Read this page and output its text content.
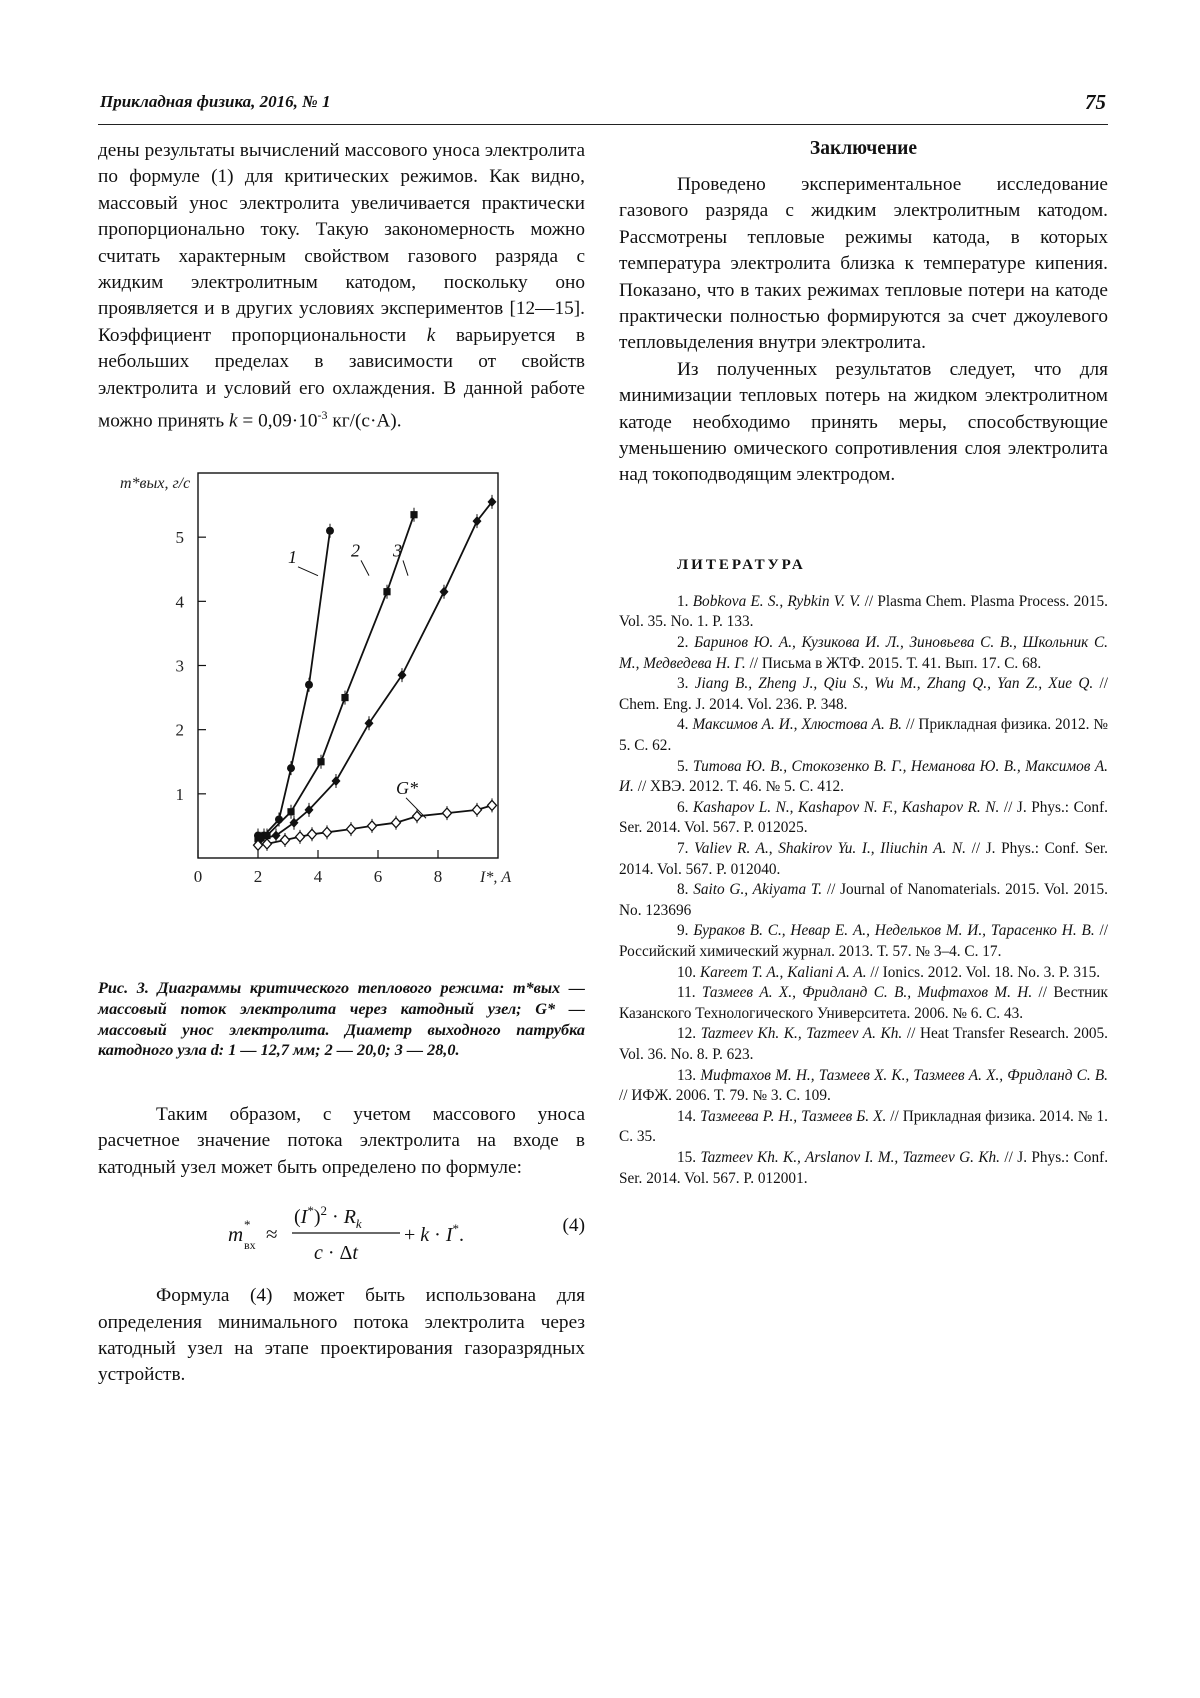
Прикладная физика, 2016, № 1	75

дены результаты вычислений массового уноса электролита по формуле (1) для критических режимов. Как видно, массовый унос электролита увеличивается практически пропорционально току. Такую закономерность можно считать характерным свойством газового разряда с жидким электролитным катодом, поскольку оно проявляется и в других условиях экспериментов [12—15]. Коэффициент пропорциональности k варьируется в небольших пределах в зависимости от свойств электролита и условий его охлаждения. В данной работе можно принять $k = 0,09\cdot 10^{-3}$ кг/(с·А).

1
2
3
4
5
0	2	4	6	8
m*вых, г/с
I*, А
1	2 3
G*

Рис. 3. Диаграммы критического теплового режима: m*вых — массовый поток электролита через катодный узел; G* — массовый унос электролита. Диаметр выходного патрубка катодного узла d: 1 — 12,7 мм; 2 — 20,0; 3 — 28,0.

Таким образом, с учетом массового уноса расчетное значение потока электролита на входе в катодный узел может быть определено по формуле:

m *
вх ≈
$(I^*)^2 \cdot R_k$
c · Δt
+ k · I*.	(4)

Формула (4) может быть использована для определения минимального потока электролита через катодный узел на этапе проектирования газоразрядных устройств.

Заключение

Проведено экспериментальное исследование газового разряда с жидким электролитным катодом. Рассмотрены тепловые режимы катода, в которых температура электролита близка к температуре кипения. Показано, что в таких режимах тепловые потери на катоде практически полностью формируются за счет джоулевого тепловыделения внутри электролита.

Из полученных результатов следует, что для минимизации тепловых потерь на жидком электролитном катоде необходимо принять меры, способствующие уменьшению омического сопротивления слоя электролита над токоподводящим электродом.

ЛИТЕРАТУРА

1. Bobkova E. S., Rybkin V. V. // Plasma Chem. Plasma Process. 2015. Vol. 35. No. 1. P. 133.

2. Баринов Ю. А., Кузикова И. Л., Зиновьева С. В., Школьник С. М., Медведева Н. Г. // Письма в ЖТФ. 2015. Т. 41. Вып. 17. С. 68.

3. Jiang B., Zheng J., Qiu S., Wu M., Zhang Q., Yan Z., Xue Q. // Chem. Eng. J. 2014. Vol. 236. P. 348.

4. Максимов А. И., Хлюстова А. В. // Прикладная физика. 2012. № 5. С. 62.

5. Титова Ю. В., Стокозенко В. Г., Неманова Ю. В., Максимов А. И. // ХВЭ. 2012. Т. 46. № 5. С. 412.

6. Kashapov L. N., Kashapov N. F., Kashapov R. N. // J. Phys.: Conf. Ser. 2014. Vol. 567. P. 012025.

7. Valiev R. A., Shakirov Yu. I., Iliuchin A. N. // J. Phys.: Conf. Ser. 2014. Vol. 567. P. 012040.

8. Saito G., Akiyama T. // Journal of Nanomaterials. 2015. Vol. 2015. No. 123696

9. Бураков В. С., Невар Е. А., Недельков М. И., Тарасенко Н. В. // Российский химический журнал. 2013. Т. 57. № 3–4. С. 17.

10. Kareem T. A., Kaliani A. A. // Ionics. 2012. Vol. 18. No. 3. P. 315.

11. Тазмеев А. Х., Фридланд С. В., Мифтахов М. Н. // Вестник Казанского Технологического Университета. 2006. № 6. С. 43.

12. Tazmeev Kh. K., Tazmeev A. Kh. // Heat Transfer Research. 2005. Vol. 36. No. 8. P. 623.

13. Мифтахов М. Н., Тазмеев Х. К., Тазмеев А. Х., Фридланд С. В. // ИФЖ. 2006. Т. 79. № 3. С. 109.

14. Тазмеева Р. Н., Тазмеев Б. Х. // Прикладная физика. 2014. № 1. С. 35.

15. Tazmeev Kh. K., Arslanov I. M., Tazmeev G. Kh. // J. Phys.: Conf. Ser. 2014. Vol. 567. P. 012001.
